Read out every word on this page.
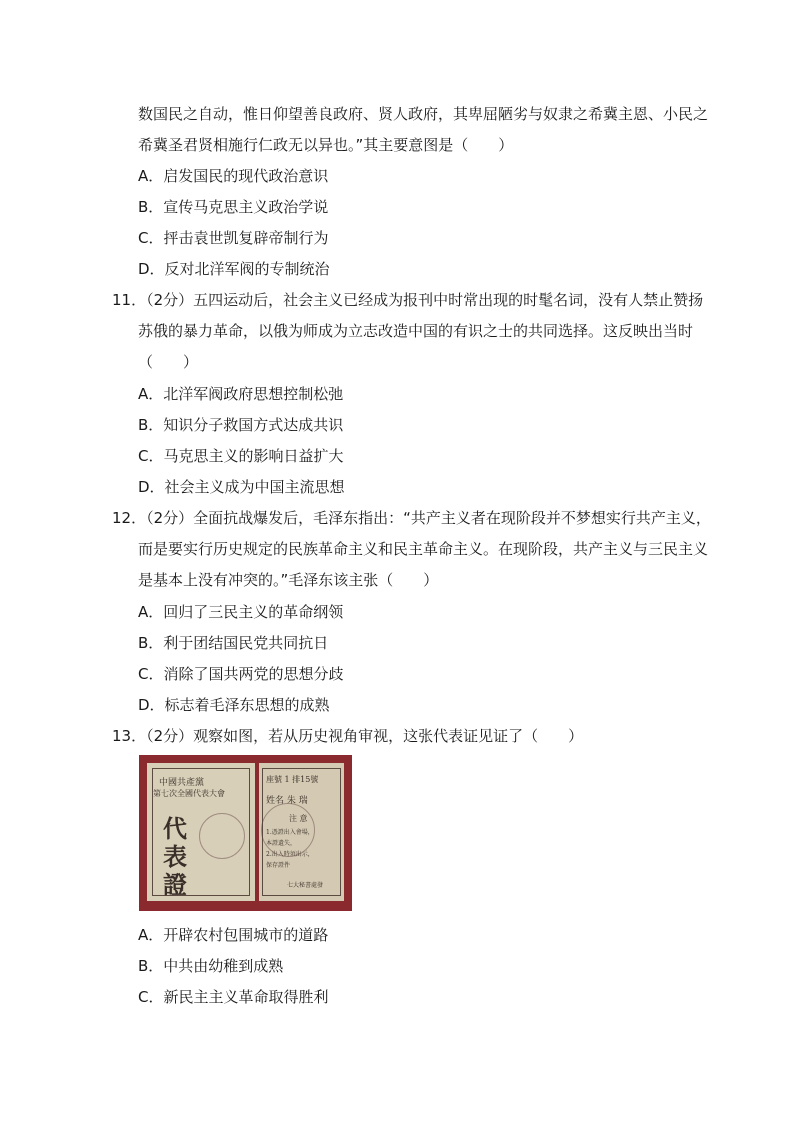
数国民之自动，惟日仰望善良政府、贤人政府，其卑屈陋劣与奴隶之希冀主恩、小民之
希冀圣君贤相施行仁政无以异也。”其主要意图是（　　）
A．启发国民的现代政治意识
B．宣传马克思主义政治学说
C．抨击袁世凯复辟帝制行为
D．反对北洋军阀的专制统治
11．（2分）五四运动后，社会主义已经成为报刊中时常出现的时髦名词，没有人禁止赞扬
苏俄的暴力革命，以俄为师成为立志改造中国的有识之士的共同选择。这反映出当时
（　　）
A．北洋军阀政府思想控制松弛
B．知识分子救国方式达成共识
C．马克思主义的影响日益扩大
D．社会主义成为中国主流思想
12．（2分）全面抗战爆发后，毛泽东指出：“共产主义者在现阶段并不梦想实行共产主义，
而是要实行历史规定的民族革命主义和民主革命主义。在现阶段，共产主义与三民主义
是基本上没有冲突的。”毛泽东该主张（　　）
A．回归了三民主义的革命纲领
B．利于团结国民党共同抗日
C．消除了国共两党的思想分歧
D．标志着毛泽东思想的成熟
13．（2分）观察如图，若从历史视角审视，这张代表证见证了（　　）
中國共產黨
第七次全國代表大會
代
表
證
座號 1 排15號
姓名 朱 瑞
注 意
1.憑證出入會場，
本證遺失，
2.出入時須出示，
保存證件
七大秘書處發
A．开辟农村包围城市的道路
B．中共由幼稚到成熟
C．新民主主义革命取得胜利
